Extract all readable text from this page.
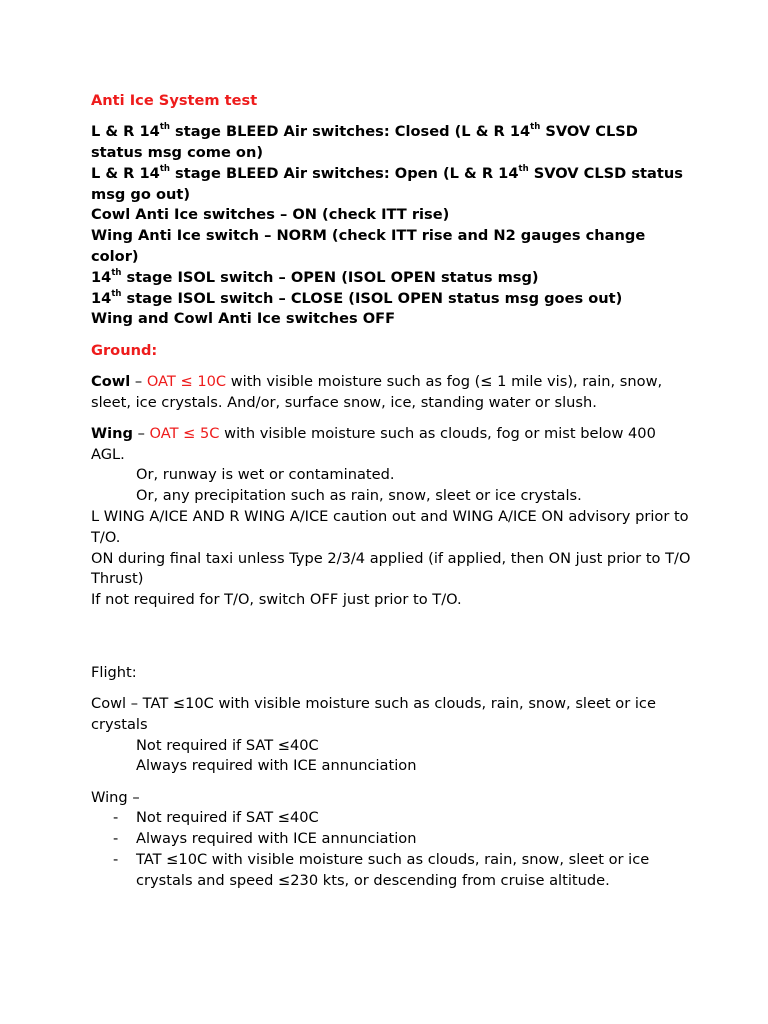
Anti Ice System test

L & R 14th stage BLEED Air switches: Closed (L & R 14th SVOV CLSD status msg come on)

L & R 14th stage BLEED Air switches: Open (L & R 14th SVOV CLSD status msg go out)

Cowl Anti Ice switches – ON (check ITT rise)

Wing Anti Ice switch – NORM (check ITT rise and N2 gauges change color)

14th stage ISOL switch – OPEN (ISOL OPEN status msg)

14th stage ISOL switch – CLOSE (ISOL OPEN status msg goes out)

Wing and Cowl Anti Ice switches OFF

Ground:

Cowl – OAT ≤ 10C with visible moisture such as fog (≤ 1 mile vis), rain, snow, sleet, ice crystals. And/or, surface snow, ice, standing water or slush.

Wing – OAT ≤ 5C with visible moisture such as clouds, fog or mist below 400 AGL.

Or, runway is wet or contaminated.

Or, any precipitation such as rain, snow, sleet or ice crystals.

L WING A/ICE AND R WING A/ICE caution out and WING A/ICE ON advisory prior to T/O.

ON during final taxi unless Type 2/3/4 applied (if applied, then ON just prior to T/O Thrust)

If not required for T/O, switch OFF just prior to T/O.

Flight:

Cowl – TAT ≤10C with visible moisture such as clouds, rain, snow, sleet or ice crystals

Not required if SAT ≤40C

Always required with ICE annunciation

Wing –

- Not required if SAT ≤40C
- Always required with ICE annunciation
- TAT ≤10C with visible moisture such as clouds, rain, snow, sleet or ice crystals and speed ≤230 kts, or descending from cruise altitude.
